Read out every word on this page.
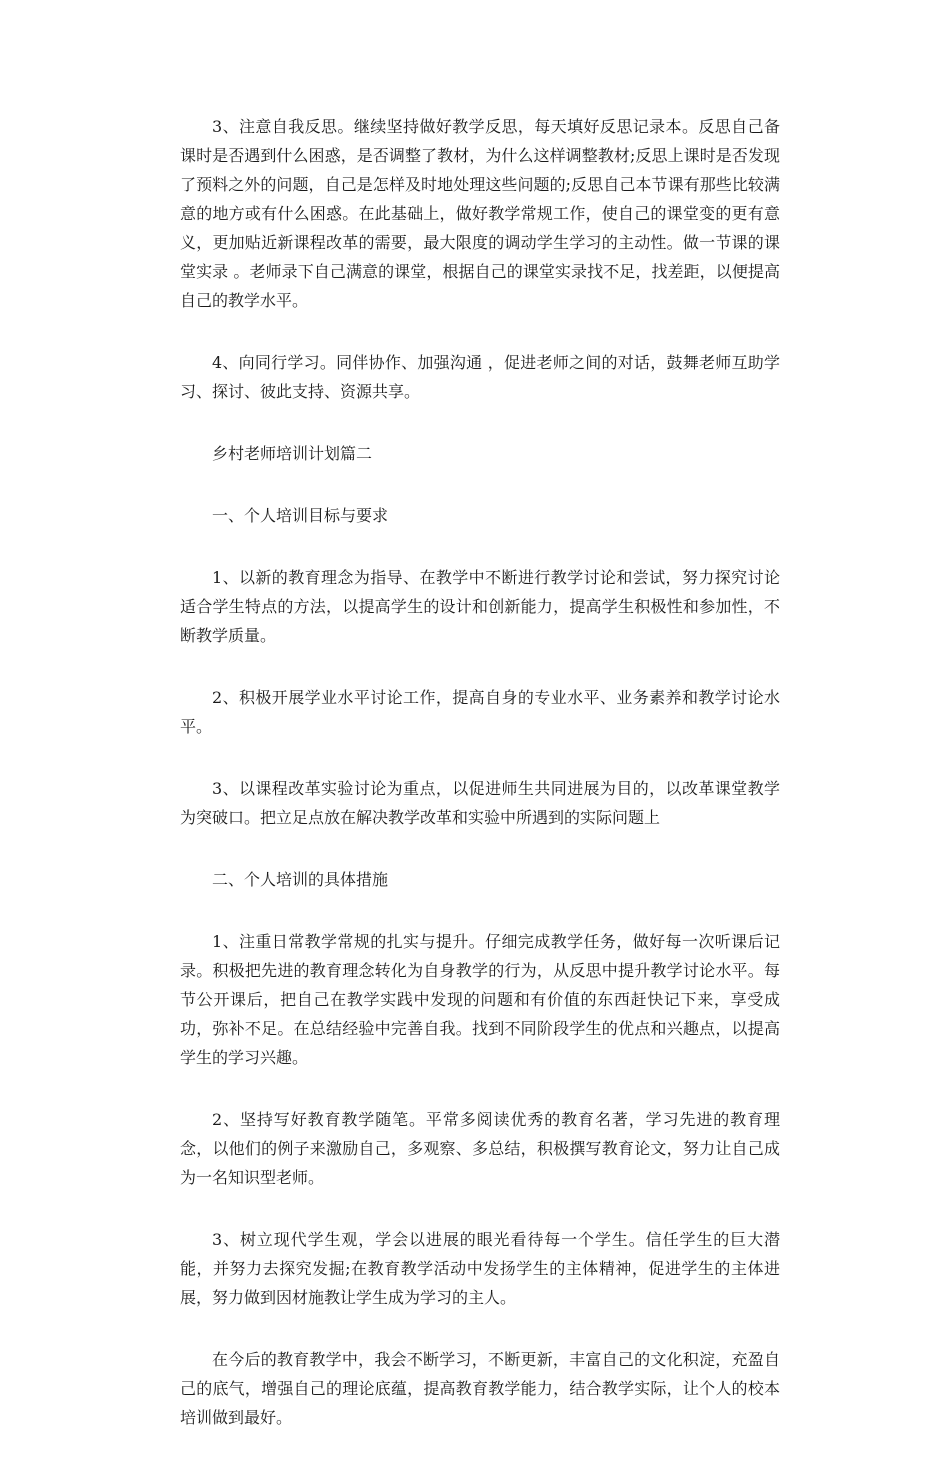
3、注意自我反思。继续坚持做好教学反思，每天填好反思记录本。反思自己备课时是否遇到什么困惑，是否调整了教材，为什么这样调整教材;反思上课时是否发现了预料之外的问题，自己是怎样及时地处理这些问题的;反思自己本节课有那些比较满意的地方或有什么困惑。在此基础上，做好教学常规工作，使自己的课堂变的更有意义，更加贴近新课程改革的需要，最大限度的调动学生学习的主动性。做一节课的课堂实录 。老师录下自己满意的课堂，根据自己的课堂实录找不足，找差距，以便提高自己的教学水平。

4、向同行学习。同伴协作、加强沟通 ，促进老师之间的对话，鼓舞老师互助学习、探讨、彼此支持、资源共享。

乡村老师培训计划篇二

一、个人培训目标与要求

1、以新的教育理念为指导、在教学中不断进行教学讨论和尝试，努力探究讨论适合学生特点的方法，以提高学生的设计和创新能力，提高学生积极性和参加性，不断教学质量。

2、积极开展学业水平讨论工作，提高自身的专业水平、业务素养和教学讨论水平。

3、以课程改革实验讨论为重点，以促进师生共同进展为目的，以改革课堂教学为突破口。把立足点放在解决教学改革和实验中所遇到的实际问题上

二、个人培训的具体措施

1、注重日常教学常规的扎实与提升。仔细完成教学任务，做好每一次听课后记录。积极把先进的教育理念转化为自身教学的行为，从反思中提升教学讨论水平。每节公开课后，把自己在教学实践中发现的问题和有价值的东西赶快记下来，享受成功，弥补不足。在总结经验中完善自我。找到不同阶段学生的优点和兴趣点，以提高学生的学习兴趣。

2、坚持写好教育教学随笔。平常多阅读优秀的教育名著，学习先进的教育理念，以他们的例子来激励自己，多观察、多总结，积极撰写教育论文，努力让自己成为一名知识型老师。

3、树立现代学生观，学会以进展的眼光看待每一个学生。信任学生的巨大潜能，并努力去探究发掘;在教育教学活动中发扬学生的主体精神，促进学生的主体进展，努力做到因材施教让学生成为学习的主人。

在今后的教育教学中，我会不断学习，不断更新，丰富自己的文化积淀，充盈自己的底气，增强自己的理论底蕴，提高教育教学能力，结合教学实际，让个人的校本培训做到最好。
